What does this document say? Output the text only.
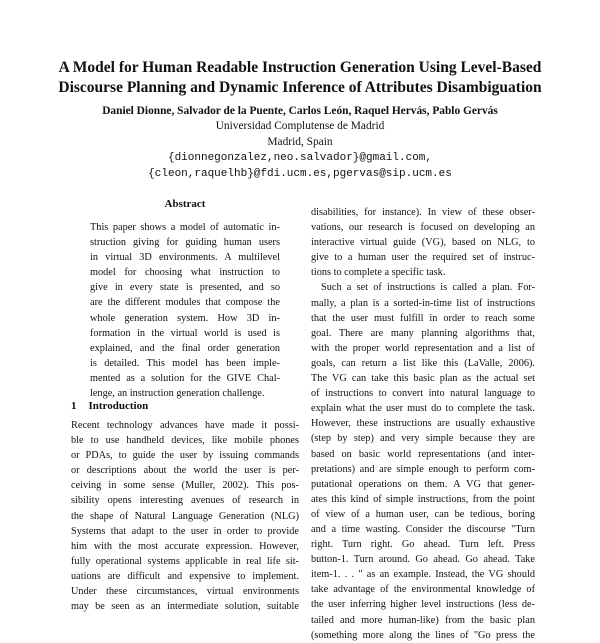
A Model for Human Readable Instruction Generation Using Level-Based
Discourse Planning and Dynamic Inference of Attributes Disambiguation
Daniel Dionne, Salvador de la Puente, Carlos León, Raquel Hervás, Pablo Gervás
Universidad Complutense de Madrid
Madrid, Spain
{dionnegonzalez,neo.salvador}@gmail.com,
{cleon,raquelhb}@fdi.ucm.es,pgervas@sip.ucm.es
Abstract
This paper shows a model of automatic in-
struction giving for guiding human users
in virtual 3D environments. A multilevel
model for choosing what instruction to
give in every state is presented, and so
are the different modules that compose the
whole generation system. How 3D in-
formation in the virtual world is used is
explained, and the final order generation
is detailed. This model has been imple-
mented as a solution for the GIVE Chal-
lenge, an instruction generation challenge.
1 Introduction
Recent technology advances have made it possi-
ble to use handheld devices, like mobile phones
or PDAs, to guide the user by issuing commands
or descriptions about the world the user is per-
ceiving in some sense (Muller, 2002). This pos-
sibility opens interesting avenues of research in
the shape of Natural Language Generation (NLG)
Systems that adapt to the user in order to provide
him with the most accurate expression. However,
fully operational systems applicable in real life sit-
uations are difficult and expensive to implement.
Under these circumstances, virtual environments
may be seen as an intermediate solution, suitable
disabilities, for instance). In view of these obser-
vations, our research is focused on developing an
interactive virtual guide (VG), based on NLG, to
give to a human user the required set of instruc-
tions to complete a specific task.
Such a set of instructions is called a plan. For-
mally, a plan is a sorted-in-time list of instructions
that the user must fulfill in order to reach some
goal. There are many planning algorithms that,
with the proper world representation and a list of
goals, can return a list like this (LaValle, 2006).
The VG can take this basic plan as the actual set
of instructions to convert into natural language to
explain what the user must do to complete the task.
However, these instructions are usually exhaustive
(step by step) and very simple because they are
based on basic world representations (and inter-
pretations) and are simple enough to perform com-
putational operations on them. A VG that gener-
ates this kind of simple instructions, from the point
of view of a human user, can be tedious, boring
and a time wasting. Consider the discourse "Turn
right. Turn right. Go ahead. Turn left. Press
button-1. Turn around. Go ahead. Go ahead. Take
item-1. . . " as an example. Instead, the VG should
take advantage of the environmental knowledge of
the user inferring higher level instructions (less de-
tailed and more human-like) from the basic plan
(something more along the lines of "Go press the
